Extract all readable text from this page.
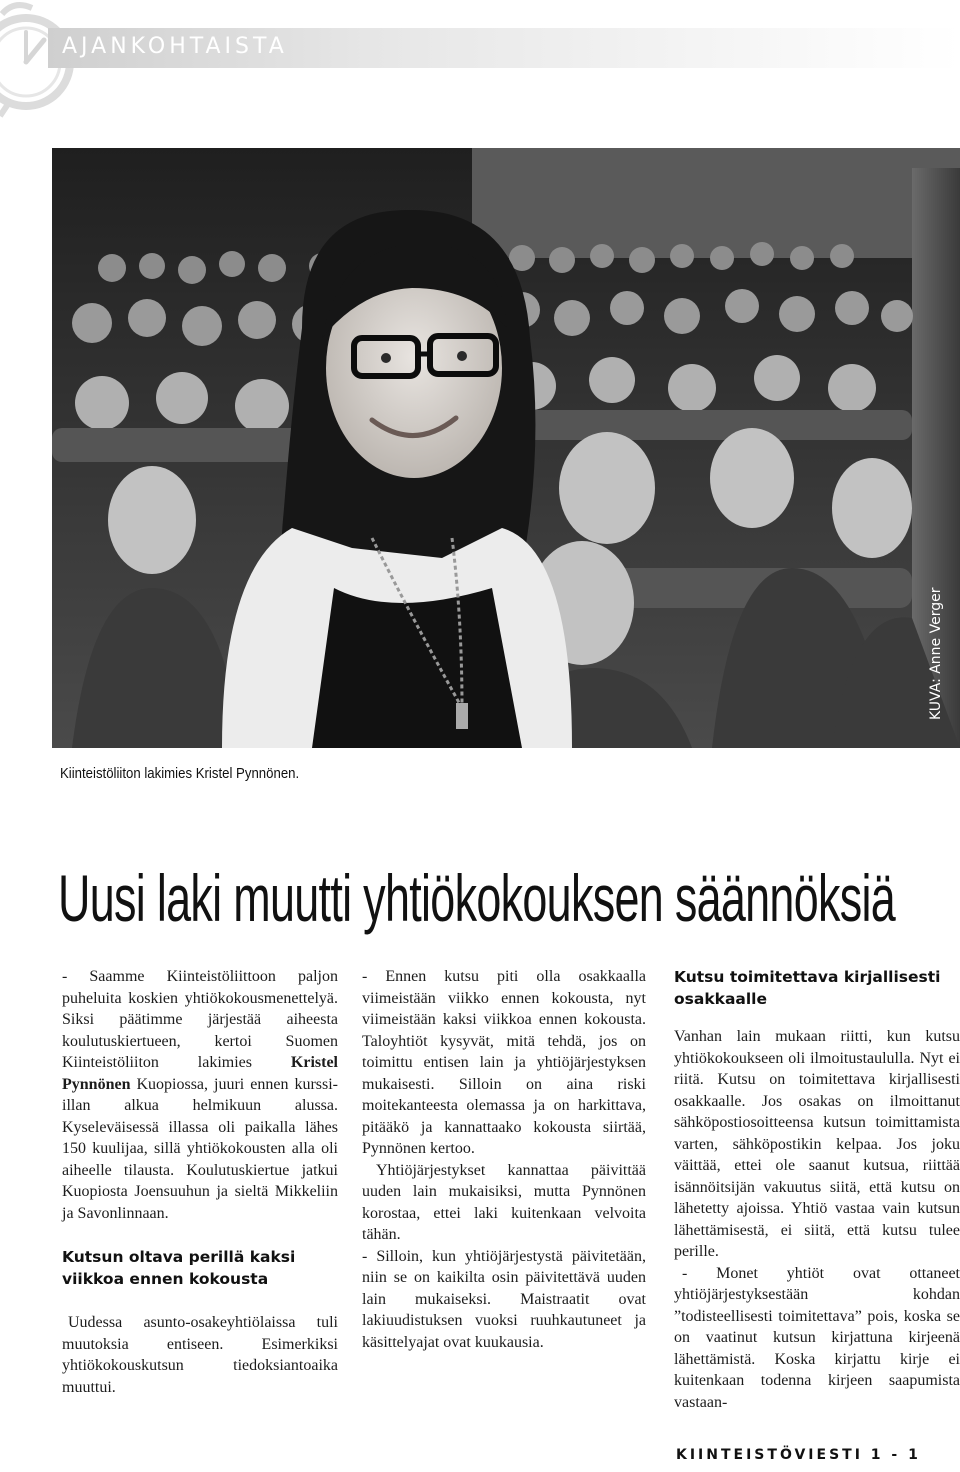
AJANKOHTAISTA
KUVA: Anne Verger
Kiinteistöliiton lakimies Kristel Pynnönen.
Uusi laki muutti yhtiökokouksen säännöksiä

- Saamme Kiinteistöliittoon paljon puheluita koskien yhtiökokousmenettelyä. Siksi päätimme järjestää aiheesta koulutuskiertueen, kertoi Suomen Kiinteistöliiton lakimies Kristel Pynnönen Kuopiossa, juuri ennen kurssi-illan alkua helmikuun alussa. Kyseleväisessä illassa oli paikalla lähes 150 kuulijaa, sillä yhtiökokousten alla oli aiheelle tilausta. Koulutuskiertue jatkui Kuopiosta Joensuuhun ja sieltä Mikkeliin ja Savonlinnaan.

Kutsun oltava perillä kaksi viikkoa ennen kokousta

Uudessa asunto-osakeyhtiölaissa tuli muutoksia entiseen. Esimerkiksi yhtiökokouskutsun tiedoksiantoaika muuttui.

- Ennen kutsu piti olla osakkaalla viimeistään viikko ennen kokousta, nyt viimeistään kaksi viikkoa ennen kokousta. Taloyhtiöt kysyvät, mitä tehdä, jos on toimittu entisen lain ja yhtiöjärjestyksen mukaisesti. Silloin on aina riski moitekanteesta olemassa ja on harkittava, pitääkö ja kannattaako kokousta siirtää, Pynnönen kertoo.

Yhtiöjärjestykset kannattaa päivittää uuden lain mukaisiksi, mutta Pynnönen korostaa, ettei laki kuitenkaan velvoita tähän.

- Silloin, kun yhtiöjärjestystä päivitetään, niin se on kaikilta osin päivitettävä uuden lain mukaiseksi. Maistraatit ovat lakiuudistuksen vuoksi ruuhkautuneet ja käsittelyajat ovat kuukausia.

Kutsu toimitettava kirjallisesti osakkaalle

Vanhan lain mukaan riitti, kun kutsu yhtiökokoukseen oli ilmoitustaululla. Nyt ei riitä. Kutsu on toimitettava kirjallisesti osakkaalle. Jos osakas on ilmoittanut sähköpostiosoitteensa kutsun toimittamista varten, sähköpostikin kelpaa. Jos joku väittää, ettei ole saanut kutsua, riittää isännöitsijän vakuutus siitä, että kutsu on lähetetty ajoissa. Yhtiö vastaa vain kutsun lähettämisestä, ei siitä, että kutsu tulee perille.

- Monet yhtiöt ovat ottaneet yhtiöjärjestyksestään kohdan ”todisteellisesti toimitettava” pois, koska se on vaatinut kutsun kirjattuna kirjeenä lähettämistä. Koska kirjattu kirje ei kuitenkaan todenna kirjeen saapumista vastaan-

KIINTEISTÖVIESTI 1 - 1
